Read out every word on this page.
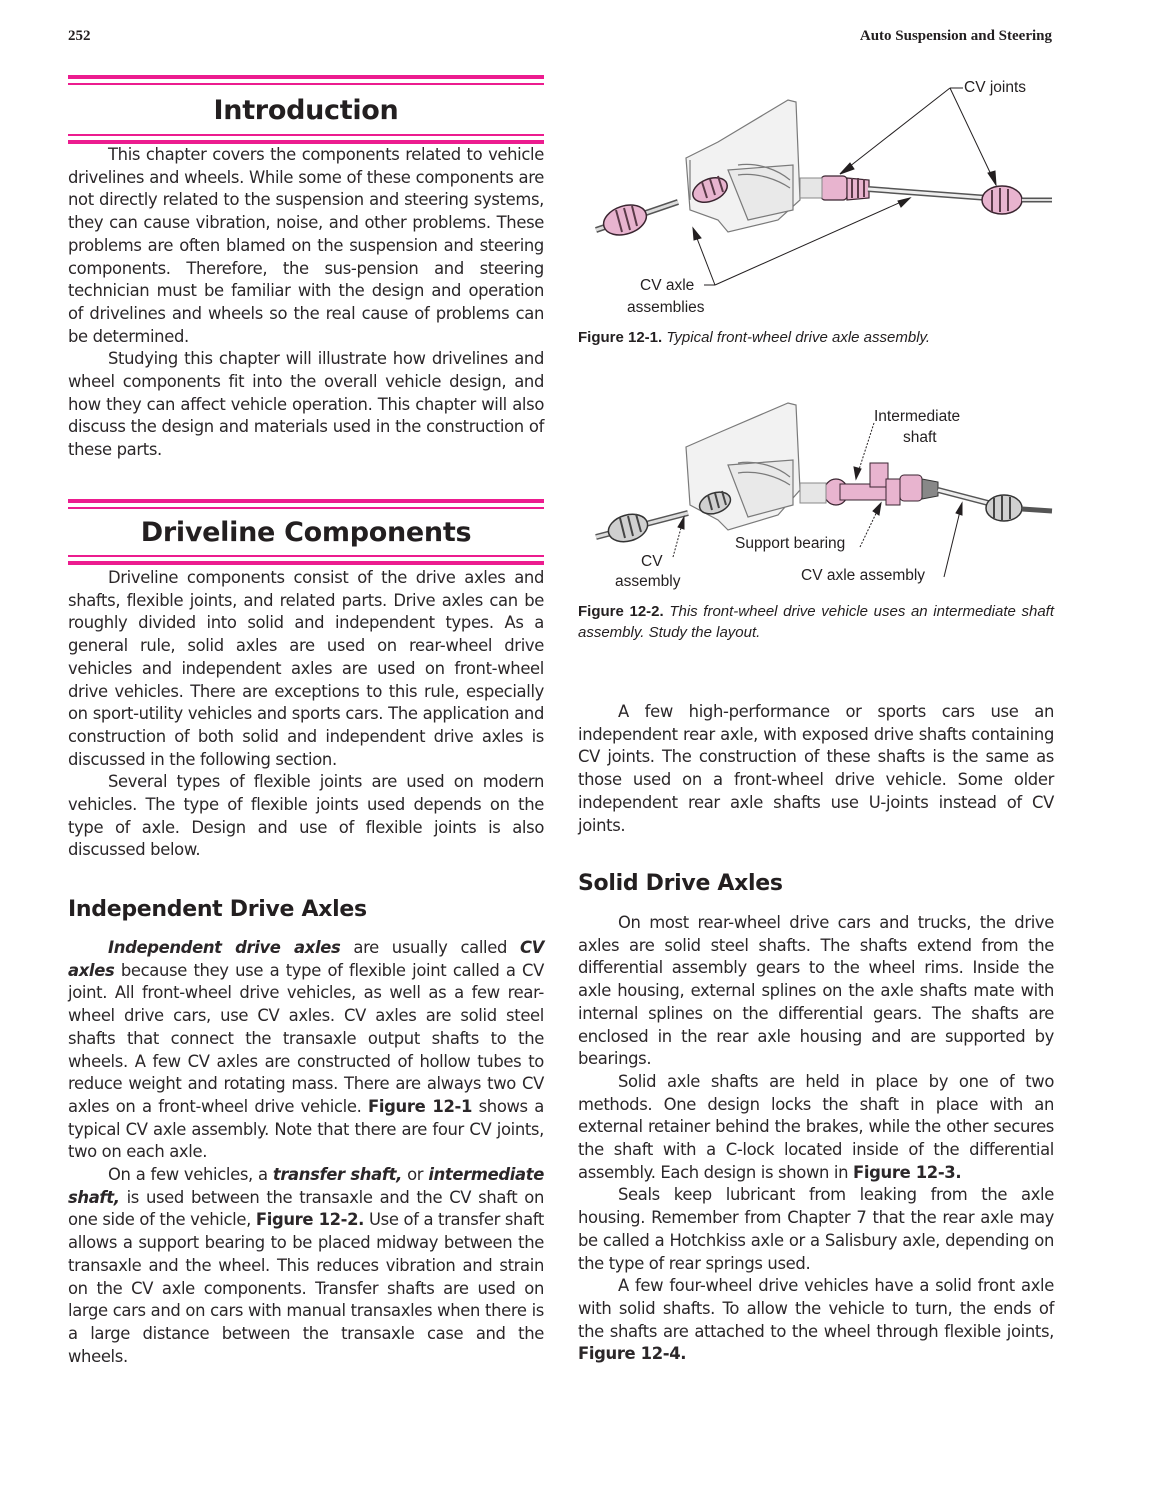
252	Auto Suspension and Steering
Introduction

This chapter covers the components related to vehicle drivelines and wheels. While some of these components are not directly related to the suspension and steering systems, they can cause vibration, noise, and other problems. These problems are often blamed on the suspension and steering components. Therefore, the sus-pension and steering technician must be familiar with the design and operation of drivelines and wheels so the real cause of problems can be determined.

Studying this chapter will illustrate how drivelines and wheel components fit into the overall vehicle design, and how they can affect vehicle operation. This chapter will also discuss the design and materials used in the construction of these parts.

Driveline Components

Driveline components consist of the drive axles and shafts, flexible joints, and related parts. Drive axles can be roughly divided into solid and independent types. As a general rule, solid axles are used on rear-wheel drive vehicles and independent axles are used on front-wheel drive vehicles. There are exceptions to this rule, especially on sport-utility vehicles and sports cars. The application and construction of both solid and independent drive axles is discussed in the following section.

Several types of flexible joints are used on modern vehicles. The type of flexible joints used depends on the type of axle. Design and use of flexible joints is also discussed below.

Independent Drive Axles

Independent drive axles are usually called CV axles because they use a type of flexible joint called a CV joint. All front-wheel drive vehicles, as well as a few rear-wheel drive cars, use CV axles. CV axles are solid steel shafts that connect the transaxle output shafts to the wheels. A few CV axles are constructed of hollow tubes to reduce weight and rotating mass. There are always two CV axles on a front-wheel drive vehicle. Figure 12-1 shows a typical CV axle assembly. Note that there are four CV joints, two on each axle.

On a few vehicles, a transfer shaft, or intermediate shaft, is used between the transaxle and the CV shaft on one side of the vehicle, Figure 12-2. Use of a transfer shaft allows a support bearing to be placed midway between the transaxle and the wheel. This reduces vibration and strain on the CV axle components. Transfer shafts are used on large cars and on cars with manual transaxles when there is a large distance between the transaxle case and the wheels.

CV joints
CV axle
assemblies
Figure 12-1. Typical front-wheel drive axle assembly.
Intermediate
shaft
Support bearing
CV
assembly	CV axle assembly
Figure 12-2. This front-wheel drive vehicle uses an intermediate shaft assembly. Study the layout.

A few high-performance or sports cars use an independent rear axle, with exposed drive shafts containing CV joints. The construction of these shafts is the same as those used on a front-wheel drive vehicle. Some older independent rear axle shafts use U-joints instead of CV joints.

Solid Drive Axles

On most rear-wheel drive cars and trucks, the drive axles are solid steel shafts. The shafts extend from the differential assembly gears to the wheel rims. Inside the axle housing, external splines on the axle shafts mate with internal splines on the differential gears. The shafts are enclosed in the rear axle housing and are supported by bearings.

Solid axle shafts are held in place by one of two methods. One design locks the shaft in place with an external retainer behind the brakes, while the other secures the shaft with a C-lock located inside of the differential assembly. Each design is shown in Figure 12-3.

Seals keep lubricant from leaking from the axle housing. Remember from Chapter 7 that the rear axle may be called a Hotchkiss axle or a Salisbury axle, depending on the type of rear springs used.

A few four-wheel drive vehicles have a solid front axle with solid shafts. To allow the vehicle to turn, the ends of the shafts are attached to the wheel through flexible joints, Figure 12-4.
